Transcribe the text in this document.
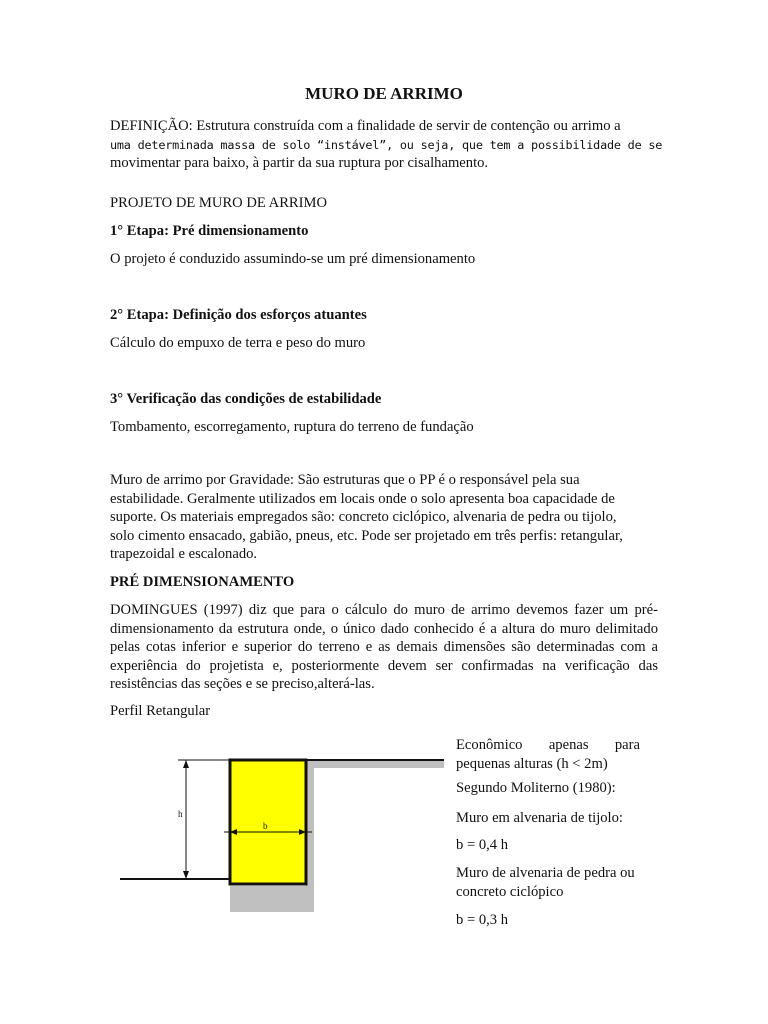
MURO DE ARRIMO
DEFINIÇÃO: Estrutura construída com a finalidade de servir de contenção ou arrimo a
uma determinada massa de solo “instável”, ou seja, que tem a possibilidade de se
movimentar para baixo, à partir da sua ruptura por cisalhamento.
PROJETO DE MURO DE ARRIMO
1° Etapa: Pré dimensionamento
O projeto é conduzido assumindo-se um pré dimensionamento
2° Etapa: Definição dos esforços atuantes
Cálculo do empuxo de terra e peso do muro
3° Verificação das condições de estabilidade
Tombamento, escorregamento, ruptura do terreno de fundação
Muro de arrimo por Gravidade: São estruturas que o PP é o responsável pela sua
estabilidade. Geralmente utilizados em locais onde o solo apresenta boa capacidade de
suporte. Os materiais empregados são: concreto ciclópico, alvenaria de pedra ou tijolo,
solo cimento ensacado, gabião, pneus, etc. Pode ser projetado em três perfis: retangular,
trapezoidal e escalonado.
PRÉ DIMENSIONAMENTO
DOMINGUES (1997) diz que para o cálculo do muro de arrimo devemos fazer um pré-dimensionamento da estrutura onde, o único dado conhecido é a altura do muro delimitado pelas cotas inferior e superior do terreno e as demais dimensões são determinadas com a experiência do projetista e, posteriormente devem ser confirmadas na verificação das resistências das seções e se preciso,alterá-las.
Perfil Retangular
h
b
Econômico apenas para pequenas alturas (h < 2m)
Segundo Moliterno (1980):
Muro em alvenaria de tijolo:
b = 0,4 h
Muro de alvenaria de pedra ou concreto ciclópico
b = 0,3 h
